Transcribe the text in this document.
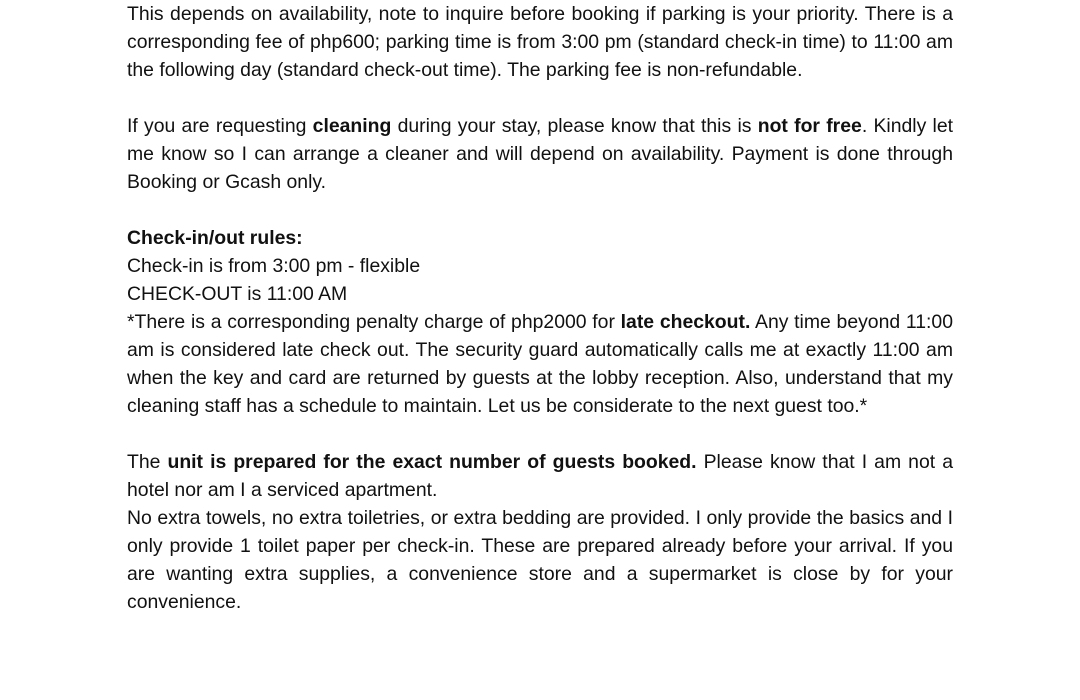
This depends on availability, note to inquire before booking if parking is your priority. There is a corresponding fee of php600; parking time is from 3:00 pm (standard check-in time) to 11:00 am the following day (standard check-out time). The parking fee is non-refundable.

If you are requesting cleaning during your stay, please know that this is not for free. Kindly let me know so I can arrange a cleaner and will depend on availability. Payment is done through Booking or Gcash only.

Check-in/out rules:

Check-in is from 3:00 pm - flexible

CHECK-OUT is 11:00 AM

*There is a corresponding penalty charge of php2000 for late checkout. Any time beyond 11:00 am is considered late check out. The security guard automatically calls me at exactly 11:00 am when the key and card are returned by guests at the lobby reception. Also, understand that my cleaning staff has a schedule to maintain. Let us be considerate to the next guest too.*

The unit is prepared for the exact number of guests booked. Please know that I am not a hotel nor am I a serviced apartment.

No extra towels, no extra toiletries, or extra bedding are provided. I only provide the basics and I only provide 1 toilet paper per check-in. These are prepared already before your arrival. If you are wanting extra supplies, a convenience store and a supermarket is close by for your convenience.
